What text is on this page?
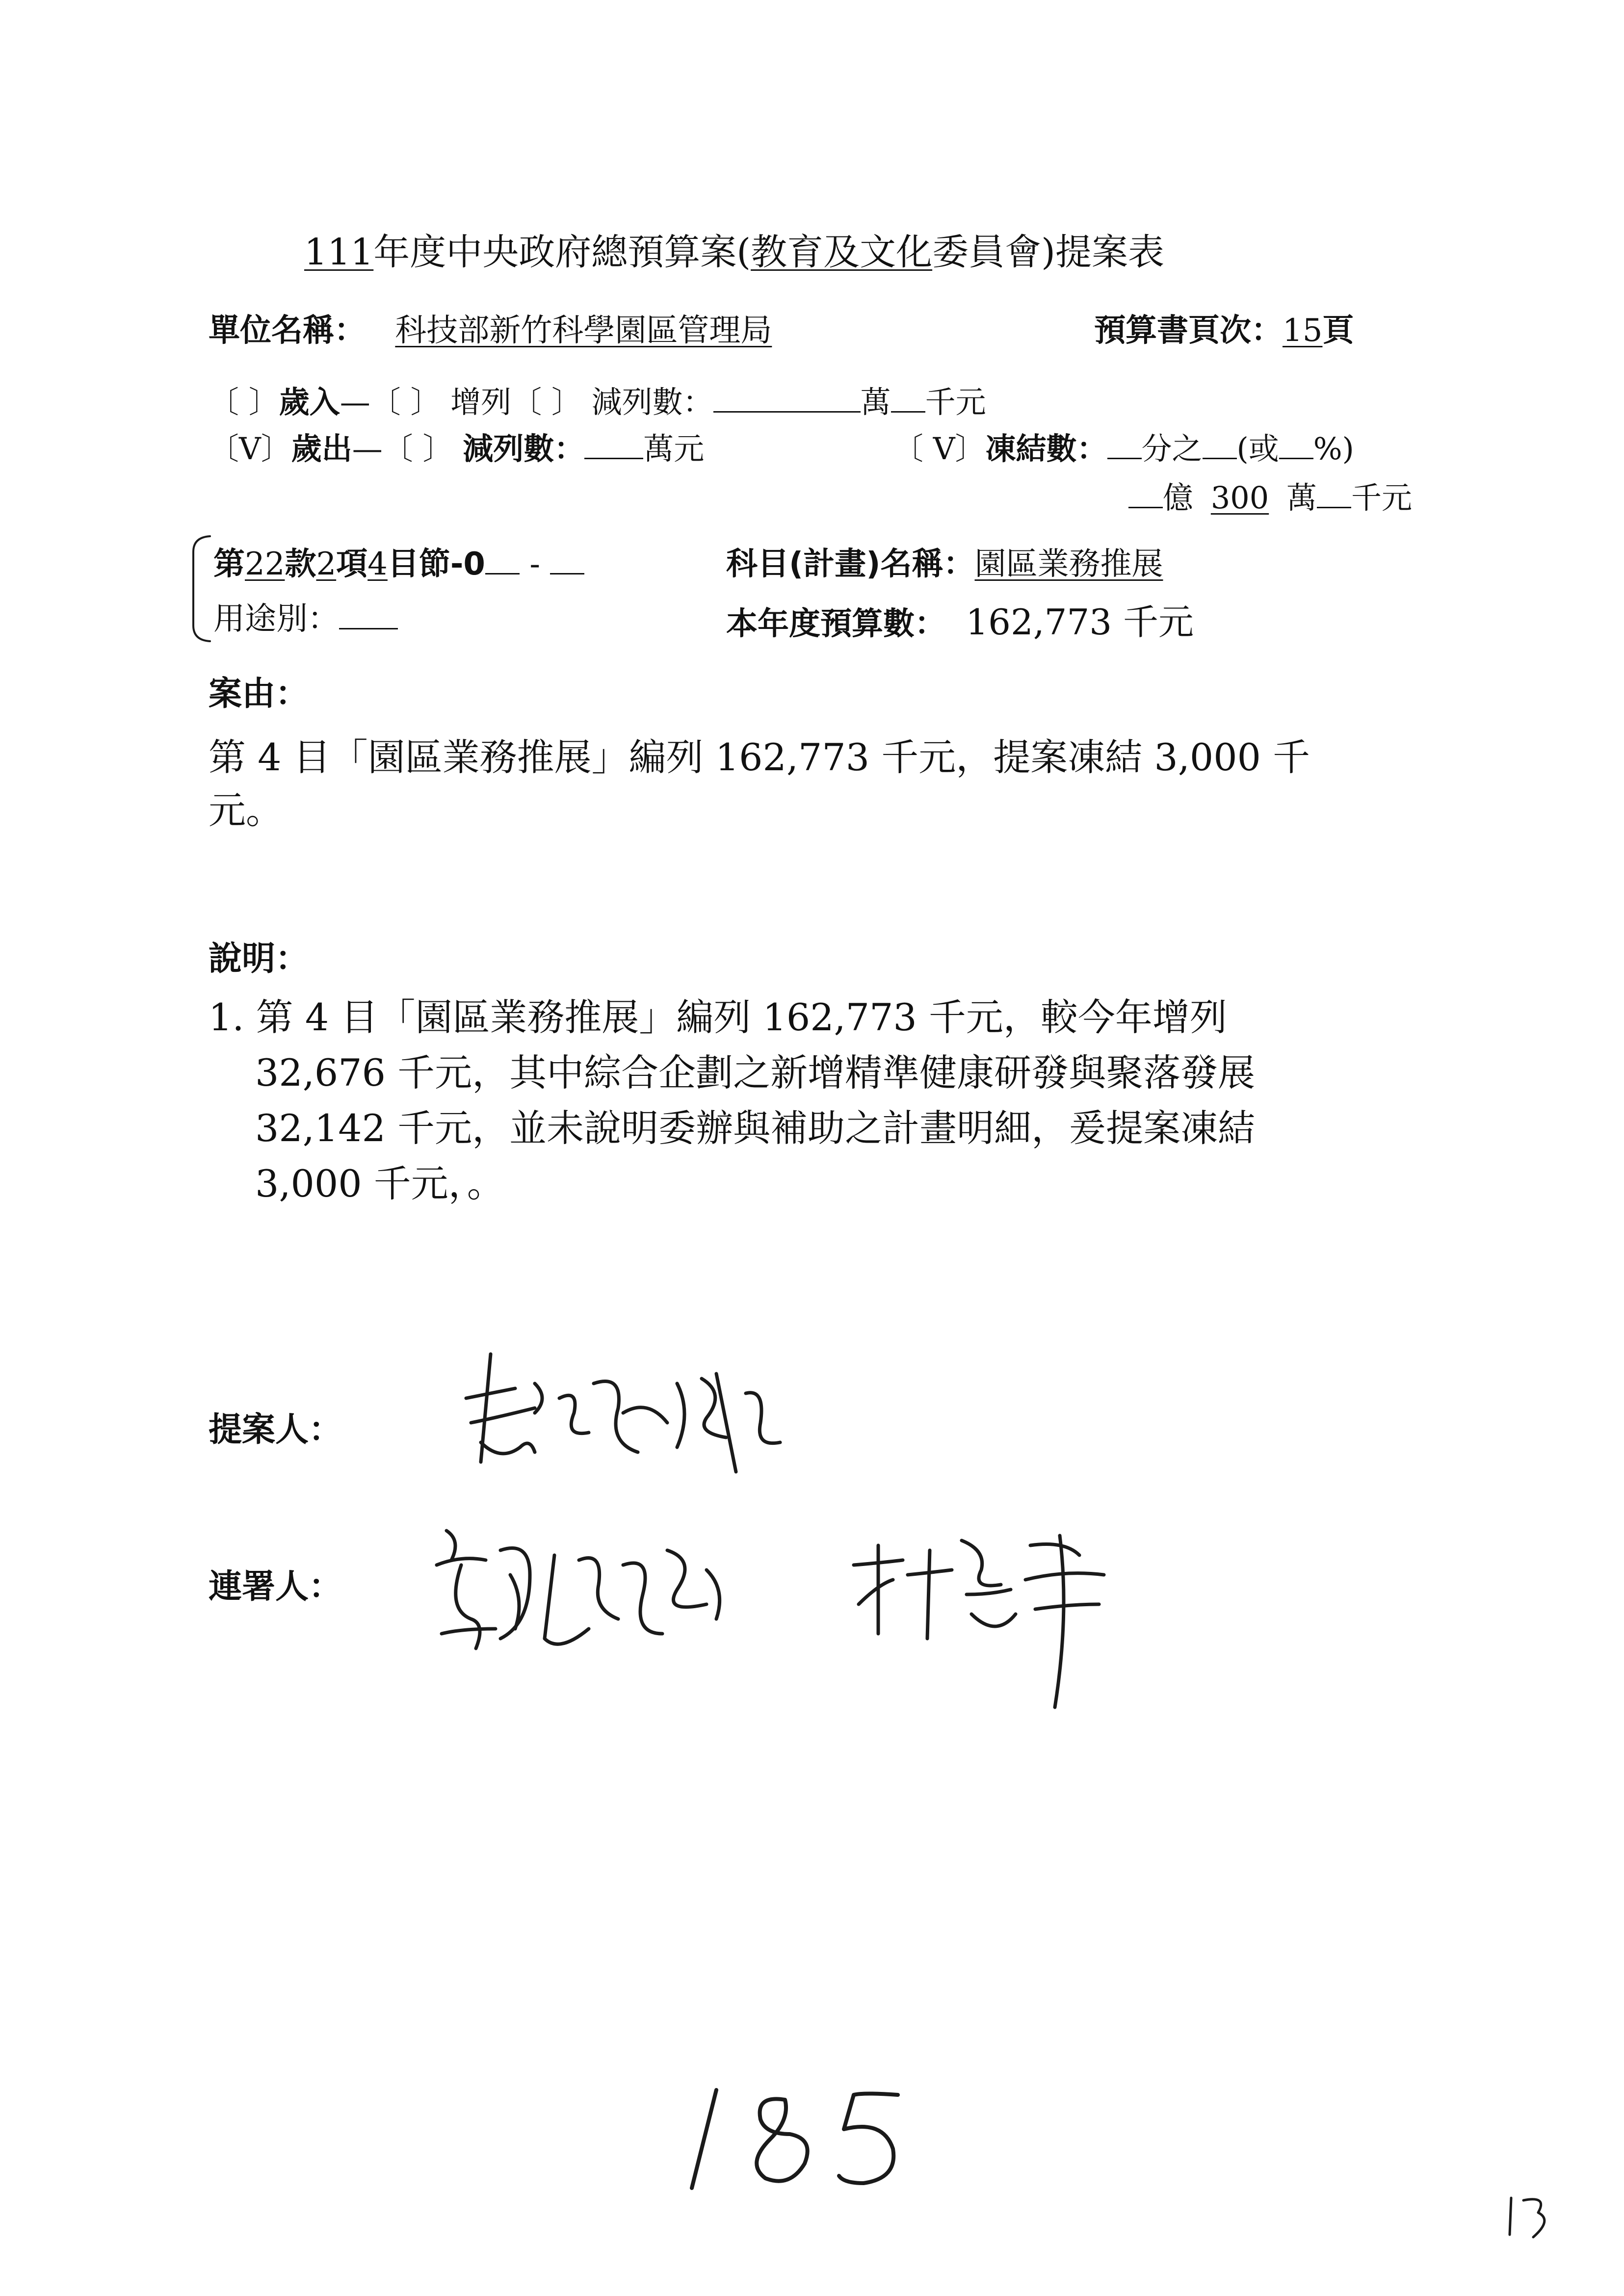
111年度中央政府總預算案(教育及文化委員會)提案表
單位名稱： 科技部新竹科學園區管理局	預算書頁次：15頁
〔 〕歲入—〔 〕 增列〔 〕 減列數：	萬 千元
〔V〕歲出—〔 〕 減列數： 萬元	〔 V〕凍結數： 分之 (或 %)
億 300 萬 千元
第22款2項4目節-0 -	科目(計畫)名稱：園區業務推展
用途別：	本年度預算數： 162,773 千元
案由：
第 4 目「園區業務推展」編列 162,773 千元，提案凍結 3,000 千
元。
說明：
1. 第 4 目「園區業務推展」編列 162,773 千元，較今年增列
32,676 千元，其中綜合企劃之新增精準健康研發與聚落發展
32,142 千元，並未說明委辦與補助之計畫明細，爰提案凍結
3,000 千元，。
提案人：
連署人：
